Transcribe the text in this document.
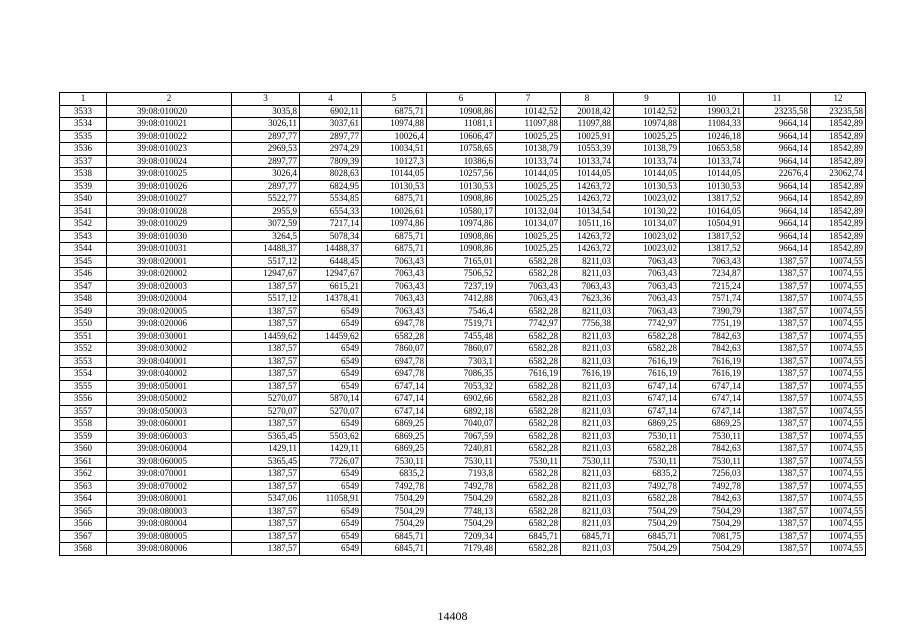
1	2	3	4	5	6	7	8	9	10	11	12
3533	39:08:010020	3035,8	6902,11	6875,71	10908,86	10142,52	20018,42	10142,52	19903,21	23235,58	23235,58
3534	39:08:010021	3026,11	3037,61	10974,88	11081,1	11097,88	11097,88	10974,88	11084,33	9664,14	18542,89
3535	39:08:010022	2897,77	2897,77	10026,4	10606,47	10025,25	10025,91	10025,25	10246,18	9664,14	18542,89
3536	39:08:010023	2969,53	2974,29	10034,51	10758,65	10138,79	10553,39	10138,79	10653,58	9664,14	18542,89
3537	39:08:010024	2897,77	7809,39	10127,3	10386,6	10133,74	10133,74	10133,74	10133,74	9664,14	18542,89
3538	39:08:010025	3026,4	8028,63	10144,05	10257,56	10144,05	10144,05	10144,05	10144,05	22676,4	23062,74
3539	39:08:010026	2897,77	6824,95	10130,53	10130,53	10025,25	14263,72	10130,53	10130,53	9664,14	18542,89
3540	39:08:010027	5522,77	5534,85	6875,71	10908,86	10025,25	14263,72	10023,02	13817,52	9664,14	18542,89
3541	39:08:010028	2955,9	6554,33	10026,61	10580,17	10132,04	10134,54	10130,22	10164,05	9664,14	18542,89
3542	39:08:010029	3072,59	7217,14	10974,86	10974,86	10134,07	10511,16	10134,07	10504,91	9664,14	18542,89
3543	39:08:010030	3264,5	5078,34	6875,71	10908,86	10025,25	14263,72	10023,02	13817,52	9664,14	18542,89
3544	39:08:010031	14488,37	14488,37	6875,71	10908,86	10025,25	14263,72	10023,02	13817,52	9664,14	18542,89
3545	39:08:020001	5517,12	6448,45	7063,43	7165,01	6582,28	8211,03	7063,43	7063,43	1387,57	10074,55
3546	39:08:020002	12947,67	12947,67	7063,43	7506,52	6582,28	8211,03	7063,43	7234,87	1387,57	10074,55
3547	39:08:020003	1387,57	6615,21	7063,43	7237,19	7063,43	7063,43	7063,43	7215,24	1387,57	10074,55
3548	39:08:020004	5517,12	14378,41	7063,43	7412,88	7063,43	7623,36	7063,43	7571,74	1387,57	10074,55
3549	39:08:020005	1387,57	6549	7063,43	7546,4	6582,28	8211,03	7063,43	7390,79	1387,57	10074,55
3550	39:08:020006	1387,57	6549	6947,78	7519,71	7742,97	7756,38	7742,97	7751,19	1387,57	10074,55
3551	39:08:030001	14459,62	14459,62	6582,28	7455,48	6582,28	8211,03	6582,28	7842,63	1387,57	10074,55
3552	39:08:030002	1387,57	6549	7860,07	7860,07	6582,28	8211,03	6582,28	7842,63	1387,57	10074,55
3553	39:08:040001	1387,57	6549	6947,78	7303,1	6582,28	8211,03	7616,19	7616,19	1387,57	10074,55
3554	39:08:040002	1387,57	6549	6947,78	7086,35	7616,19	7616,19	7616,19	7616,19	1387,57	10074,55
3555	39:08:050001	1387,57	6549	6747,14	7053,32	6582,28	8211,03	6747,14	6747,14	1387,57	10074,55
3556	39:08:050002	5270,07	5870,14	6747,14	6902,66	6582,28	8211,03	6747,14	6747,14	1387,57	10074,55
3557	39:08:050003	5270,07	5270,07	6747,14	6892,18	6582,28	8211,03	6747,14	6747,14	1387,57	10074,55
3558	39:08:060001	1387,57	6549	6869,25	7040,07	6582,28	8211,03	6869,25	6869,25	1387,57	10074,55
3559	39:08:060003	5365,45	5503,62	6869,25	7067,59	6582,28	8211,03	7530,11	7530,11	1387,57	10074,55
3560	39:08:060004	1429,11	1429,11	6869,25	7240,81	6582,28	8211,03	6582,28	7842,63	1387,57	10074,55
3561	39:08:060005	5365,45	7726,07	7530,11	7530,11	7530,11	7530,11	7530,11	7530,11	1387,57	10074,55
3562	39:08:070001	1387,57	6549	6835,2	7193,8	6582,28	8211,03	6835,2	7256,03	1387,57	10074,55
3563	39:08:070002	1387,57	6549	7492,78	7492,78	6582,28	8211,03	7492,78	7492,78	1387,57	10074,55
3564	39:08:080001	5347,06	11058,91	7504,29	7504,29	6582,28	8211,03	6582,28	7842,63	1387,57	10074,55
3565	39:08:080003	1387,57	6549	7504,29	7748,13	6582,28	8211,03	7504,29	7504,29	1387,57	10074,55
3566	39:08:080004	1387,57	6549	7504,29	7504,29	6582,28	8211,03	7504,29	7504,29	1387,57	10074,55
3567	39:08:080005	1387,57	6549	6845,71	7209,34	6845,71	6845,71	6845,71	7081,75	1387,57	10074,55
3568	39:08:080006	1387,57	6549	6845,71	7179,48	6582,28	8211,03	7504,29	7504,29	1387,57	10074,55
14408
